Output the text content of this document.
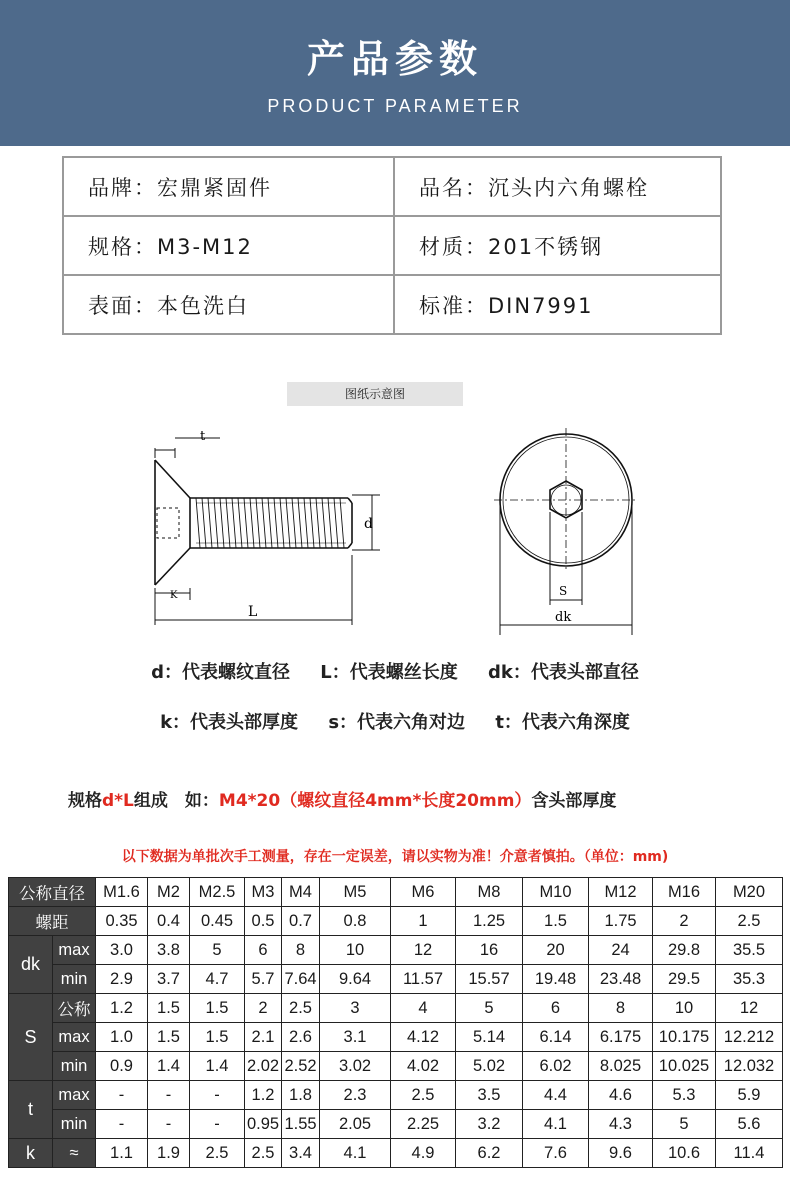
产品参数
PRODUCT PARAMETER
品牌：宏鼎紧固件	品名：沉头内六角螺栓
规格：M3-M12	材质：201不锈钢
表面：本色洗白	标准：DIN7991
图纸示意图
t
d
K
L
S
dk
d：代表螺纹直径 L：代表螺丝长度 dk：代表头部直径
k：代表头部厚度 s：代表六角对边 t：代表六角深度
规格d*L组成　如：M4*20（螺纹直径4mm*长度20mm）含头部厚度
以下数据为单批次手工测量，存在一定误差，请以实物为准！介意者慎拍。（单位：mm)
公称直径		M1.6	M2	M2.5	M3	M4	M5	M6	M8	M10	M12	M16	M20
螺距		0.35	0.4	0.45	0.5	0.7	0.8	1	1.25	1.5	1.75	2	2.5
dk	max	3.0	3.8	5	6	8	10	12	16	20	24	29.8	35.5
	min	2.9	3.7	4.7	5.7	7.64	9.64	11.57	15.57	19.48	23.48	29.5	35.3
S	公称	1.2	1.5	1.5	2	2.5	3	4	5	6	8	10	12
	max	1.0	1.5	1.5	2.1	2.6	3.1	4.12	5.14	6.14	6.175	10.175	12.212
	min	0.9	1.4	1.4	2.02	2.52	3.02	4.02	5.02	6.02	8.025	10.025	12.032
t	max	-	-	-	1.2	1.8	2.3	2.5	3.5	4.4	4.6	5.3	5.9
	min	-	-	-	0.95	1.55	2.05	2.25	3.2	4.1	4.3	5	5.6
k	≈	1.1	1.9	2.5	2.5	3.4	4.1	4.9	6.2	7.6	9.6	10.6	11.4
